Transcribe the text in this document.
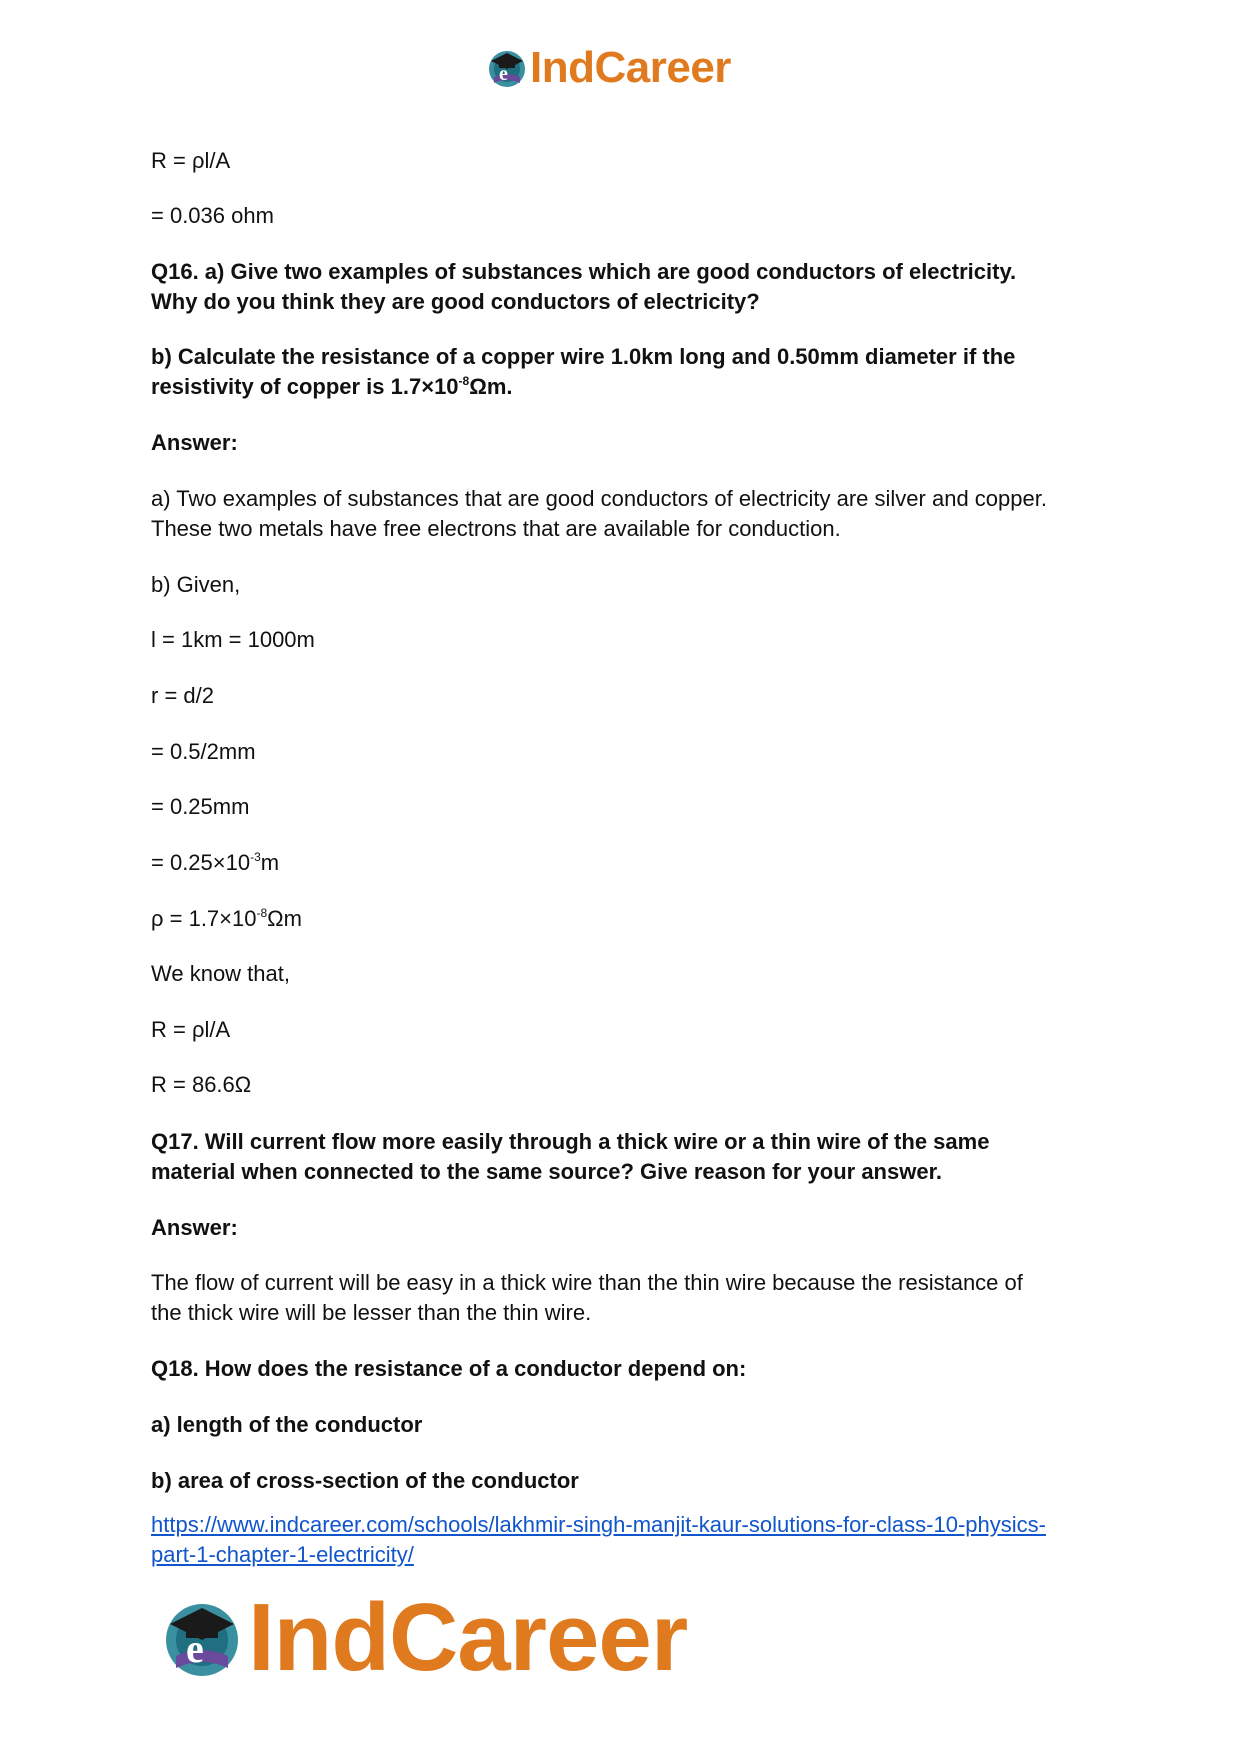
e IndCareer
R = ρl/A
= 0.036 ohm
Q16. a) Give two examples of substances which are good conductors of electricity.
Why do you think they are good conductors of electricity?
b) Calculate the resistance of a copper wire 1.0km long and 0.50mm diameter if the
resistivity of copper is $1.7\times 10^{-8}\Omega m$.
Answer:
a) Two examples of substances that are good conductors of electricity are silver and copper.
These two metals have free electrons that are available for conduction.
b) Given,
l = 1km = 1000m
r = d/2
= 0.5/2mm
= 0.25mm
= $0.25\times 10^{-3}m$
$\rho = 1.7\times 10^{-8}\Omega m$
We know that,
R = ρl/A
R = 86.6Ω
Q17. Will current flow more easily through a thick wire or a thin wire of the same
material when connected to the same source? Give reason for your answer.
Answer:
The flow of current will be easy in a thick wire than the thin wire because the resistance of
the thick wire will be lesser than the thin wire.
Q18. How does the resistance of a conductor depend on:
a) length of the conductor
b) area of cross-section of the conductor
https://www.indcareer.com/schools/lakhmir-singh-manjit-kaur-solutions-for-class-10-physics-
part-1-chapter-1-electricity/
e IndCareer
